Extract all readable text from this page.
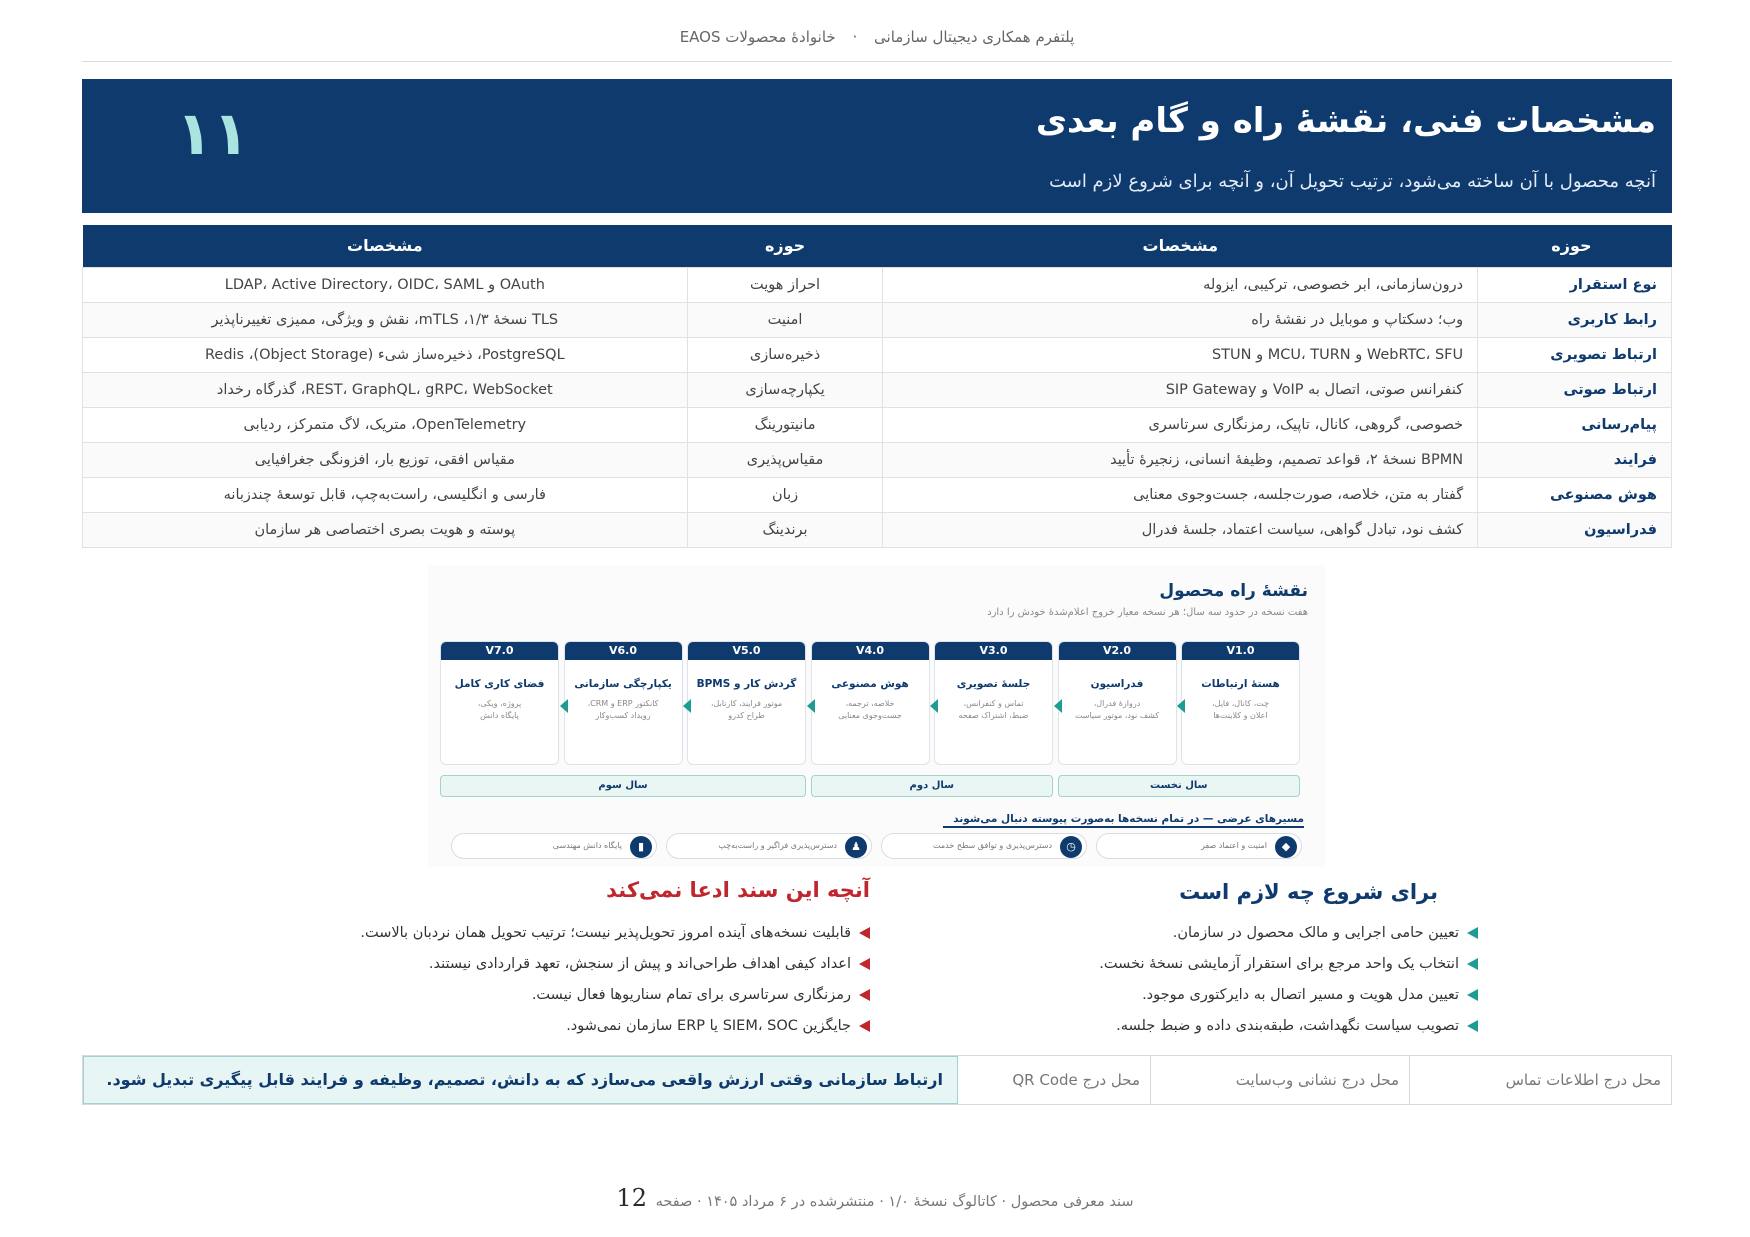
پلتفرم همکاری دیجیتال سازمانی · خانوادهٔ محصولات EAOS
مشخصات فنی، نقشهٔ راه و گام بعدی
آنچه محصول با آن ساخته می‌شود، ترتیب تحویل آن، و آنچه برای شروع لازم است
۱۱
حوزه	مشخصات	حوزه	مشخصات
نوع استقرار	درون‌سازمانی، ابر خصوصی، ترکیبی، ایزوله	احراز هویت	OAuth و LDAP، Active Directory، OIDC، SAML
رابط کاربری	وب؛ دسکتاپ و موبایل در نقشهٔ راه	امنیت	TLS نسخهٔ ۱/۳، mTLS، نقش و ویژگی، ممیزی تغییرناپذیر
ارتباط تصویری	WebRTC، SFU و MCU، TURN و STUN	ذخیره‌سازی	PostgreSQL، ذخیره‌ساز شیء (Object Storage)، Redis
ارتباط صوتی	کنفرانس صوتی، اتصال به VoIP و SIP Gateway	یکپارچه‌سازی	REST، GraphQL، gRPC، WebSocket، گذرگاه رخداد
پیام‌رسانی	خصوصی، گروهی، کانال، تاپیک، رمزنگاری سرتاسری	مانیتورینگ	OpenTelemetry، متریک، لاگ متمرکز، ردیابی
فرایند	BPMN نسخهٔ ۲، قواعد تصمیم، وظیفهٔ انسانی، زنجیرهٔ تأیید	مقیاس‌پذیری	مقیاس افقی، توزیع بار، افزونگی جغرافیایی
هوش مصنوعی	گفتار به متن، خلاصه، صورت‌جلسه، جست‌وجوی معنایی	زبان	فارسی و انگلیسی، راست‌به‌چپ، قابل توسعهٔ چندزبانه
فدراسیون	کشف نود، تبادل گواهی، سیاست اعتماد، جلسهٔ فدرال	برندینگ	پوسته و هویت بصری اختصاصی هر سازمان
نقشهٔ راه محصول
هفت نسخه در حدود سه سال؛ هر نسخه معیار خروج اعلام‌شدهٔ خودش را دارد
V1.0
هستهٔ ارتباطات
چت، کانال، فایل،
اعلان و کلاینت‌ها
V2.0
فدراسیون
دروازهٔ فدرال،
کشف نود، موتور سیاست
V3.0
جلسهٔ تصویری
تماس و کنفرانس،
ضبط، اشتراک صفحه
V4.0
هوش مصنوعی
خلاصه، ترجمه،
جست‌وجوی معنایی
V5.0
گردش کار و BPMS
موتور فرایند، کارتابل،
طراح کدرو
V6.0
یکپارچگی سازمانی
کانکتور ERP و CRM،
رویداد کسب‌وکار
V7.0
فضای کاری کامل
پروژه، ویکی،
پایگاه دانش
سال نخست
سال دوم
سال سوم
مسیرهای عرضی — در تمام نسخه‌ها به‌صورت پیوسته دنبال می‌شوند
◆
امنیت و اعتماد صفر
◷
دسترس‌پذیری و توافق سطح خدمت
♟
دسترس‌پذیری فراگیر و راست‌به‌چپ
▮
پایگاه دانش مهندسی
برای شروع چه لازم است
تعیین حامی اجرایی و مالک محصول در سازمان.
انتخاب یک واحد مرجع برای استقرار آزمایشی نسخهٔ نخست.
تعیین مدل هویت و مسیر اتصال به دایرکتوری موجود.
تصویب سیاست نگهداشت، طبقه‌بندی داده و ضبط جلسه.
آنچه این سند ادعا نمی‌کند
قابلیت نسخه‌های آینده امروز تحویل‌پذیر نیست؛ ترتیب تحویل همان نردبان بالاست.
اعداد کیفی اهداف طراحی‌اند و پیش از سنجش، تعهد قراردادی نیستند.
رمزنگاری سرتاسری برای تمام سناریوها فعال نیست.
جایگزین SIEM، SOC یا ERP سازمان نمی‌شود.
محل درج اطلاعات تماس
محل درج نشانی وب‌سایت
محل درج QR Code
ارتباط سازمانی وقتی ارزش واقعی می‌سازد که به دانش، تصمیم، وظیفه و فرایند قابل پیگیری تبدیل شود.
سند معرفی محصول · کاتالوگ نسخهٔ ۱/۰ · منتشرشده در ۶ مرداد ۱۴۰۵ · صفحه 12
